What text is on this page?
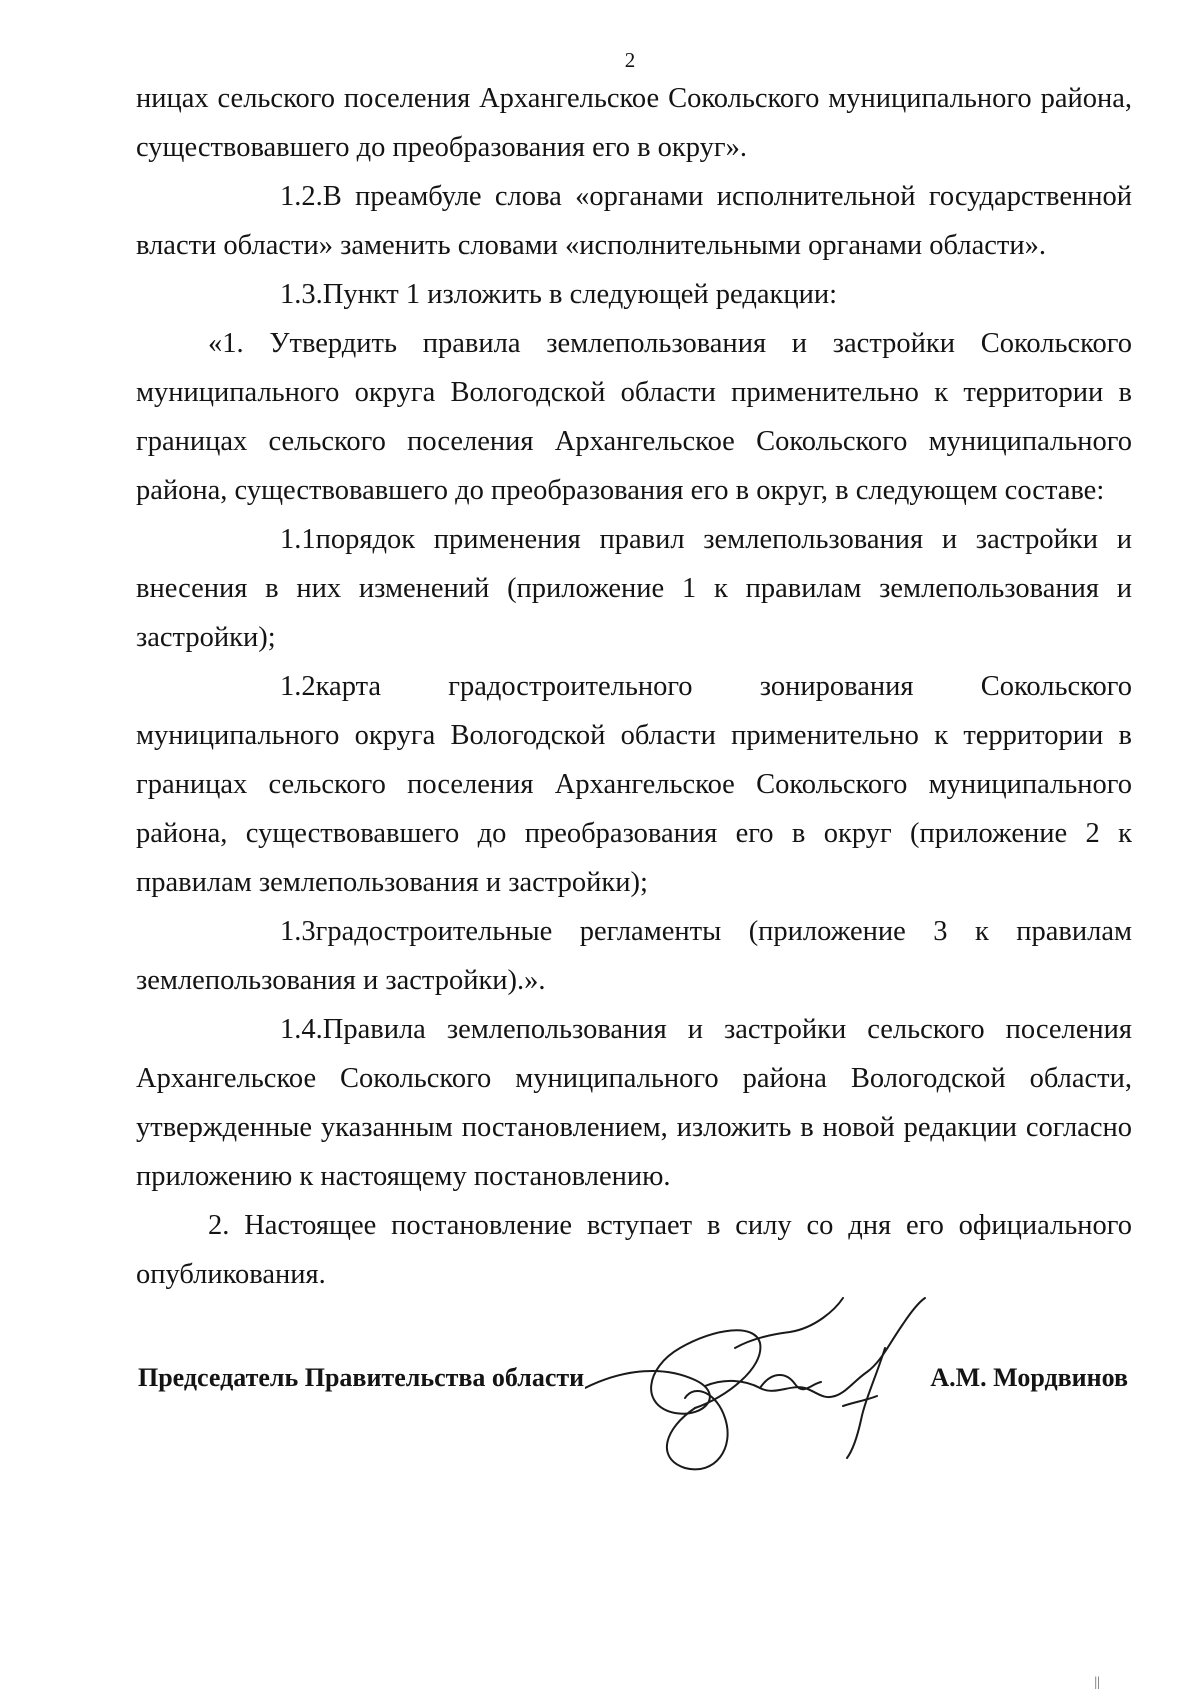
2

ницах сельского поселения Архангельское Сокольского муниципального района, существовавшего до преобразования его в округ».

1.2.В преамбуле слова «органами исполнительной государственной власти области» заменить словами «исполнительными органами области».

1.3.Пункт 1 изложить в следующей редакции:

«1. Утвердить правила землепользования и застройки Сокольского муниципального округа Вологодской области применительно к территории в границах сельского поселения Архангельское Сокольского муниципального района, существовавшего до преобразования его в округ, в следующем составе:

1.1порядок применения правил землепользования и застройки и внесения в них изменений (приложение 1 к правилам землепользования и застройки);

1.2карта градостроительного зонирования Сокольского муниципального округа Вологодской области применительно к территории в границах сельского поселения Архангельское Сокольского муниципального района, существовавшего до преобразования его в округ (приложение 2 к правилам землепользования и застройки);

1.3градостроительные регламенты (приложение 3 к правилам землепользования и застройки).».

1.4.Правила землепользования и застройки сельского поселения Архангельское Сокольского муниципального района Вологодской области, утвержденные указанным постановлением, изложить в новой редакции согласно приложению к настоящему постановлению.

2. Настоящее постановление вступает в силу со дня его официального опубликования.

Председатель Правительства области	А.М. Мордвинов
||
